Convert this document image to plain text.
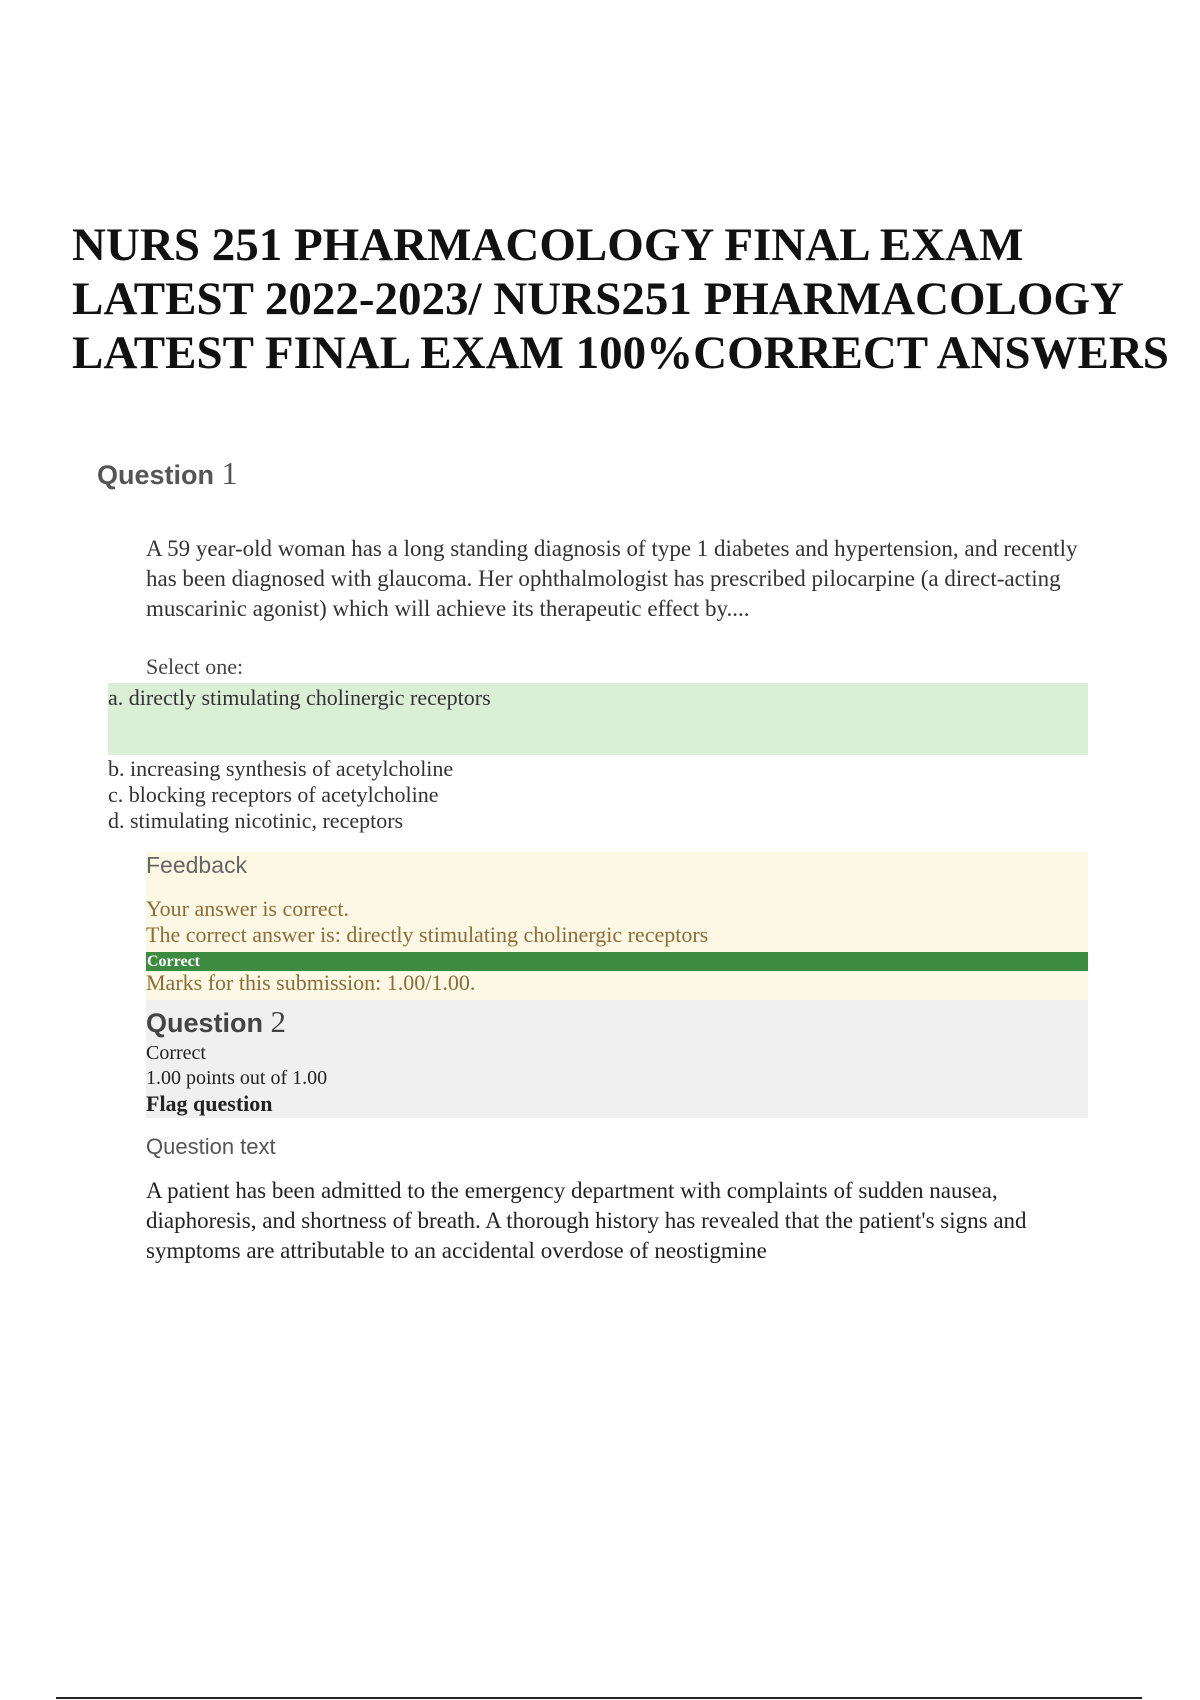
NURS 251 PHARMACOLOGY FINAL EXAM
LATEST 2022-2023/ NURS251 PHARMACOLOGY
LATEST FINAL EXAM 100%CORRECT ANSWERS
Question 1

A 59 year-old woman has a long standing diagnosis of type 1 diabetes and hypertension, and recently has been diagnosed with glaucoma. Her ophthalmologist has prescribed pilocarpine (a direct-acting muscarinic agonist) which will achieve its therapeutic effect by....

Select one:

a. directly stimulating cholinergic receptors

b. increasing synthesis of acetylcholine

c. blocking receptors of acetylcholine

d. stimulating nicotinic, receptors

Feedback

Your answer is correct.

The correct answer is: directly stimulating cholinergic receptors

Correct

Marks for this submission: 1.00/1.00.

Question 2

Correct

1.00 points out of 1.00

Flag question

Question text

A patient has been admitted to the emergency department with complaints of sudden nausea, diaphoresis, and shortness of breath. A thorough history has revealed that the patient's signs and symptoms are attributable to an accidental overdose of neostigmine
